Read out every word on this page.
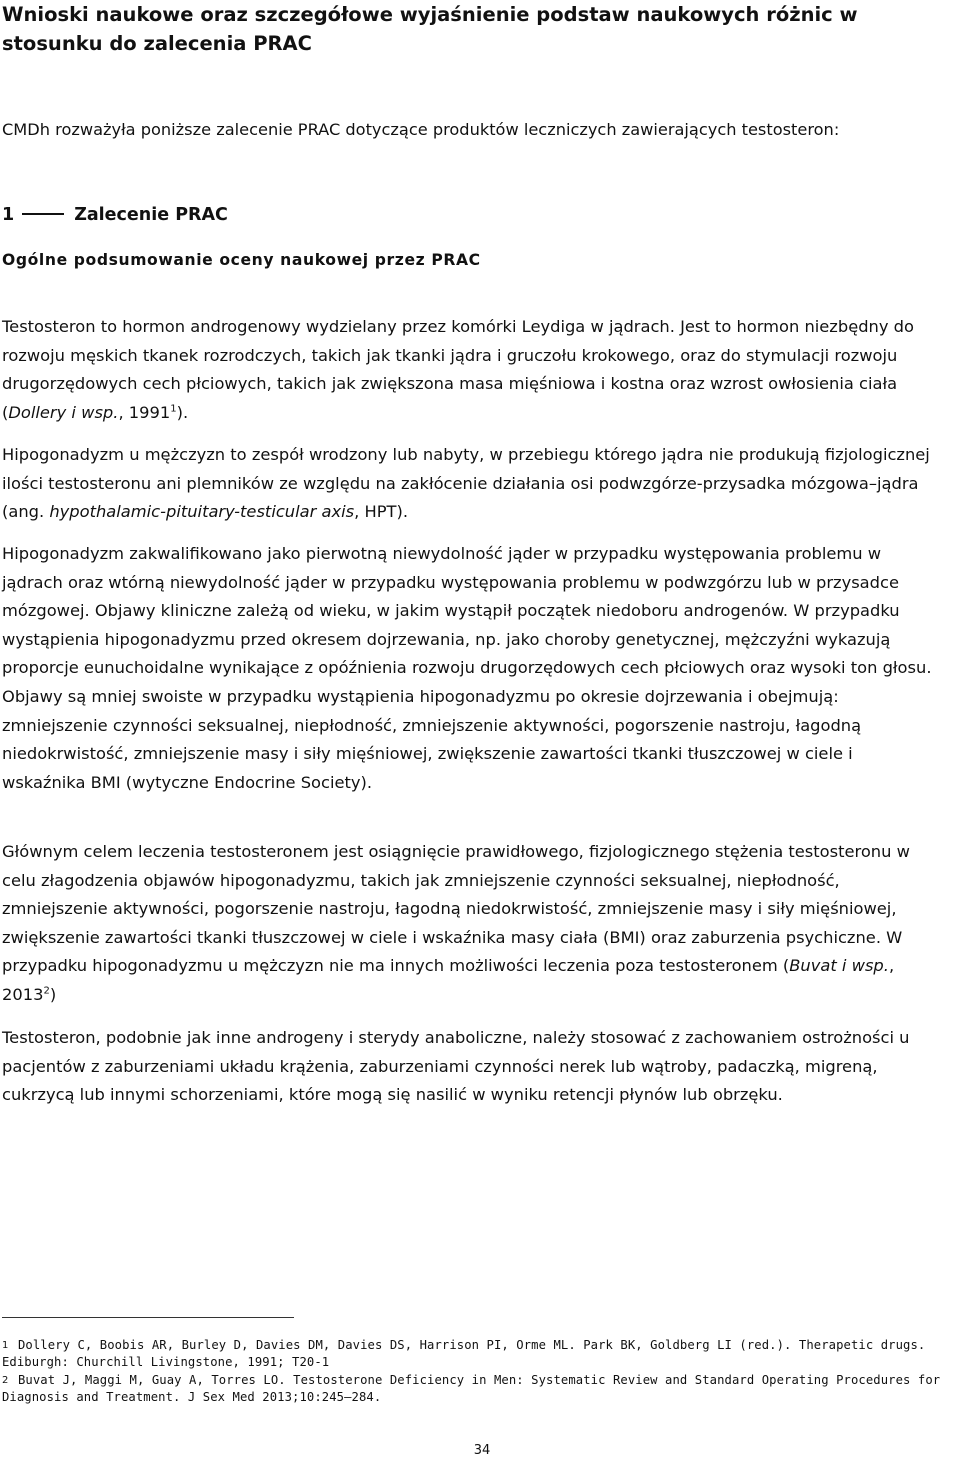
Wnioski naukowe oraz szczegółowe wyjaśnienie podstaw naukowych różnic w stosunku do zalecenia PRAC

CMDh rozważyła poniższe zalecenie PRAC dotyczące produktów leczniczych zawierających testosteron:

1	Zalecenie PRAC
Ogólne podsumowanie oceny naukowej przez PRAC

Testosteron to hormon androgenowy wydzielany przez komórki Leydiga w jądrach. Jest to hormon niezbędny do rozwoju męskich tkanek rozrodczych, takich jak tkanki jądra i gruczołu krokowego, oraz do stymulacji rozwoju drugorzędowych cech płciowych, takich jak zwiększona masa mięśniowa i kostna oraz wzrost owłosienia ciała (Dollery i wsp., 1991$^1$).

Hipogonadyzm u mężczyzn to zespół wrodzony lub nabyty, w przebiegu którego jądra nie produkują fizjologicznej ilości testosteronu ani plemników ze względu na zakłócenie działania osi podwzgórze-przysadka mózgowa–jądra (ang. hypothalamic-pituitary-testicular axis, HPT).

Hipogonadyzm zakwalifikowano jako pierwotną niewydolność jąder w przypadku występowania problemu w jądrach oraz wtórną niewydolność jąder w przypadku występowania problemu w podwzgórzu lub w przysadce mózgowej. Objawy kliniczne zależą od wieku, w jakim wystąpił początek niedoboru androgenów. W przypadku wystąpienia hipogonadyzmu przed okresem dojrzewania, np. jako choroby genetycznej, mężczyźni wykazują proporcje eunuchoidalne wynikające z opóźnienia rozwoju drugorzędowych cech płciowych oraz wysoki ton głosu. Objawy są mniej swoiste w przypadku wystąpienia hipogonadyzmu po okresie dojrzewania i obejmują: zmniejszenie czynności seksualnej, niepłodność, zmniejszenie aktywności, pogorszenie nastroju, łagodną niedokrwistość, zmniejszenie masy i siły mięśniowej, zwiększenie zawartości tkanki tłuszczowej w ciele i wskaźnika BMI (wytyczne Endocrine Society).

Głównym celem leczenia testosteronem jest osiągnięcie prawidłowego, fizjologicznego stężenia testosteronu w celu złagodzenia objawów hipogonadyzmu, takich jak zmniejszenie czynności seksualnej, niepłodność, zmniejszenie aktywności, pogorszenie nastroju, łagodną niedokrwistość, zmniejszenie masy i siły mięśniowej, zwiększenie zawartości tkanki tłuszczowej w ciele i wskaźnika masy ciała (BMI) oraz zaburzenia psychiczne. W przypadku hipogonadyzmu u mężczyzn nie ma innych możliwości leczenia poza testosteronem (Buvat i wsp., 2013$^2$)

Testosteron, podobnie jak inne androgeny i sterydy anaboliczne, należy stosować z zachowaniem ostrożności u pacjentów z zaburzeniami układu krążenia, zaburzeniami czynności nerek lub wątroby, padaczką, migreną, cukrzycą lub innymi schorzeniami, które mogą się nasilić w wyniku retencji płynów lub obrzęku.

1 Dollery C, Boobis AR, Burley D, Davies DM, Davies DS, Harrison PI, Orme ML. Park BK, Goldberg LI (red.). Therapetic drugs. Ediburgh: Churchill Livingstone, 1991; T20-1

2 Buvat J, Maggi M, Guay A, Torres LO. Testosterone Deficiency in Men: Systematic Review and Standard Operating Procedures for Diagnosis and Treatment. J Sex Med 2013;10:245–284.

34
